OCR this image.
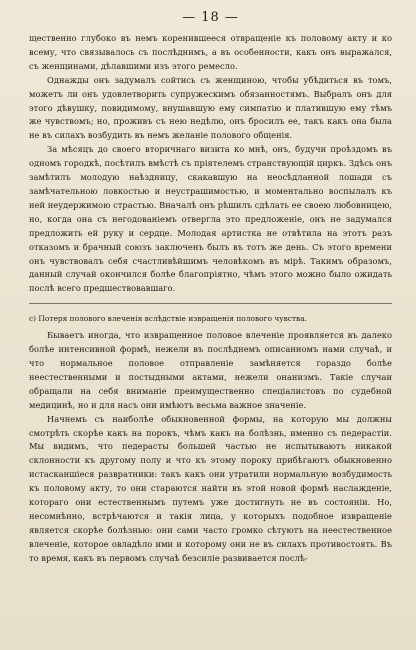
— 18 —

щественно глубоко въ немъ коренившееся отвращеніе къ половому акту и ко всему, что связывалось съ послѣднимъ, а въ особенности, какъ онъ выражался, съ женщинами, дѣлавшими изъ этого ремесло.

Однажды онъ задумалъ сойтись съ женщиною, чтобы убѣдиться въ томъ, можетъ ли онъ удовлетворить супружескимъ обязанностямъ. Выбралъ онъ для этого дѣвушку, повидимому, внушавшую ему симпатію и платившую ему тѣмъ же чувствомъ; но, проживъ съ нею недѣлю, онъ бросилъ ее, такъ какъ она была не въ силахъ возбудить въ немъ желаніе полового общенія.

За мѣсяцъ до своего вторичнаго визита ко мнѣ, онъ, будучи проѣздомъ въ одномъ городкѣ, посѣтилъ вмѣстѣ съ пріятелемъ странствующій циркъ. Здѣсь онъ замѣтилъ молодую наѣздницу, скакавшую на неосѣдланной лошади съ замѣчательною ловкостью и неустрашимостью, и моментально воспылалъ къ ней неудержимою страстью. Вначалѣ онъ рѣшилъ сдѣлать ее своею любовницею, но, когда она съ негодованіемъ отвергла это предложеніе, онъ не задумался предложить ей руку и сердце. Молодая артистка не отвѣтила на этотъ разъ отказомъ и брачный союзъ заключенъ былъ въ тотъ же день. Съ этого времени онъ чувствовалъ себя счастливѣйшимъ человѣкомъ въ мірѣ. Такимъ образомъ, данный случай окончился болѣе благопріятно, чѣмъ этого можно было ожидать послѣ всего предшествовавшаго.

c) Потеря полового влеченія вслѣдствіе извращенія полового чувства.

Бываетъ иногда, что извращенное половое влеченіе проявляется въ далеко болѣе интенсивной формѣ, нежели въ послѣднемъ описанномъ нами случаѣ, и что нормальное половое отправленіе замѣняется гораздо болѣе неестественными и постыдными актами, нежели онанизмъ. Такіе случаи обращали на себя вниманіе преимущественно спеціалистовъ по судебной медицинѣ, но и для насъ они имѣютъ весьма важное значеніе.

Начнемъ съ наиболѣе обыкновенной формы, на которую мы должны смотрѣть скорѣе какъ на порокъ, чѣмъ какъ на болѣзнь, именно съ педерастіи. Мы видимъ, что педерасты большей частью не испытываютъ никакой склонности къ другому полу и что къ этому пороку прибѣгаютъ обыкновенно истасканшіеся развратники: такъ какъ они утратили нормальную возбудимость къ половому акту, то они стараются найти въ этой новой формѣ наслажденіе, котораго они естественнымъ путемъ уже достигнуть не въ состояніи. Но, несомнѣнно, встрѣчаются и такія лица, у которыхъ подобное извращеніе является скорѣе болѣзнью: они сами часто громко сѣтуютъ на неестественное влеченіе, которое овладѣло ими и которому они не въ силахъ противостоять. Въ то время, какъ въ первомъ случаѣ безсиліе развивается послѣ-
